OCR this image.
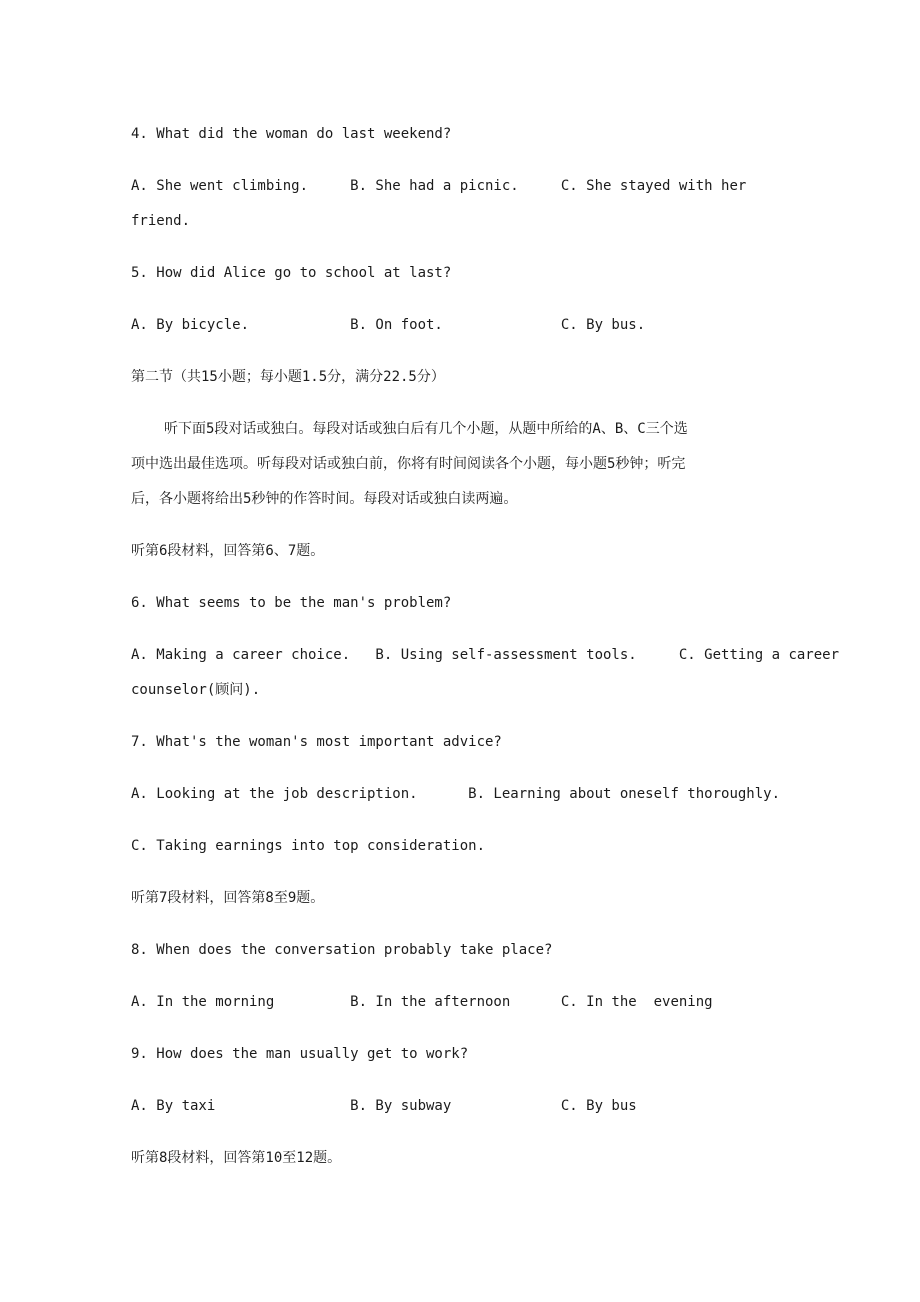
4. What did the woman do last weekend?
A. She went climbing.     B. She had a picnic.     C. She stayed with her
friend.
5. How did Alice go to school at last?
A. By bicycle.            B. On foot.              C. By bus.
第二节（共15小题；每小题1.5分，满分22.5分）
听下面5段对话或独白。每段对话或独白后有几个小题，从题中所给的A、B、C三个选
项中选出最佳选项。听每段对话或独白前，你将有时间阅读各个小题，每小题5秒钟；听完
后，各小题将给出5秒钟的作答时间。每段对话或独白读两遍。
听第6段材料，回答第6、7题。
6. What seems to be the man's problem?
A. Making a career choice.   B. Using self-assessment tools.     C. Getting a career
counselor(顾问).
7. What's the woman's most important advice?
A. Looking at the job description.      B. Learning about oneself thoroughly.
C. Taking earnings into top consideration.
听第7段材料，回答第8至9题。
8. When does the conversation probably take place?
A. In the morning         B. In the afternoon      C. In the  evening
9. How does the man usually get to work?
A. By taxi                B. By subway             C. By bus
听第8段材料，回答第10至12题。
